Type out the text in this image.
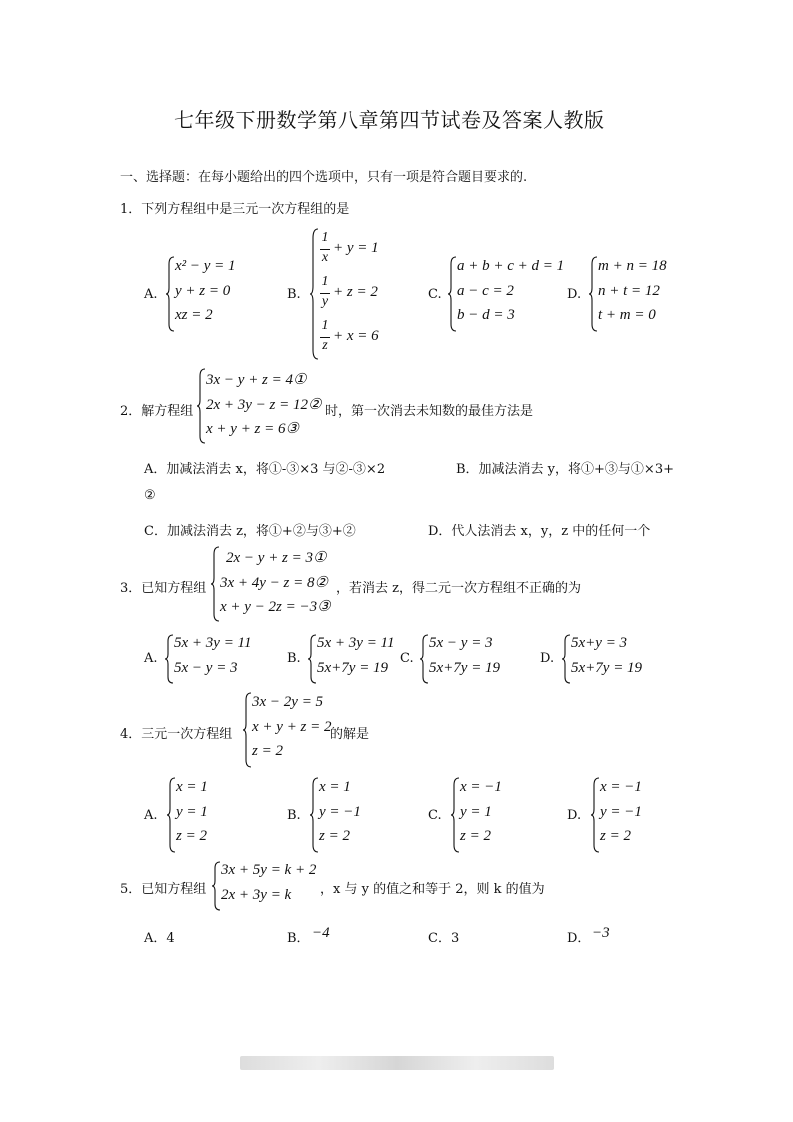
七年级下册数学第八章第四节试卷及答案人教版
一、选择题：在每小题给出的四个选项中，只有一项是符合题目要求的.
1．下列方程组中是三元一次方程组的是
A.
x² − y = 1
y + z = 0
xz = 2
B.
1
x
+ y = 1
1
y
+ z = 2
1
z
+ x = 6
C.
a + b + c + d = 1
a − c = 2
b − d = 3
D.
m + n = 18
n + t = 12
t + m = 0
2．解方程组
3x − y + z = 4①
2x + 3y − z = 12②
x + y + z = 6③
时，第一次消去未知数的最佳方法是
A．加减法消去 x，将①-③×3 与②-③×2	B．加减法消去 y，将①+③与①×3+
②
C．加减法消去 z，将①+②与③+②	D．代人法消去 x，y，z 中的任何一个
3．已知方程组
2x − y + z = 3①
3x + 4y − z = 8②
x + y − 2z = −3③
，若消去 z，得二元一次方程组不正确的为
A.
5x + 3y = 11
5x − y = 3
B.
5x + 3y = 11
5x+7y = 19
C.
5x − y = 3
5x+7y = 19
D.
5x+y = 3
5x+7y = 19
4．三元一次方程组
3x − 2y = 5
x + y + z = 2
z = 2
的解是
A.
x = 1
y = 1
z = 2
B.
x = 1
y = −1
z = 2
C.
x = −1
y = 1
z = 2
D.
x = −1
y = −1
z = 2
5．已知方程组
3x + 5y = k + 2
2x + 3y = k ，x 与 y 的值之和等于 2，则 k 的值为
A．4	B． −4	C．3	D． −3
